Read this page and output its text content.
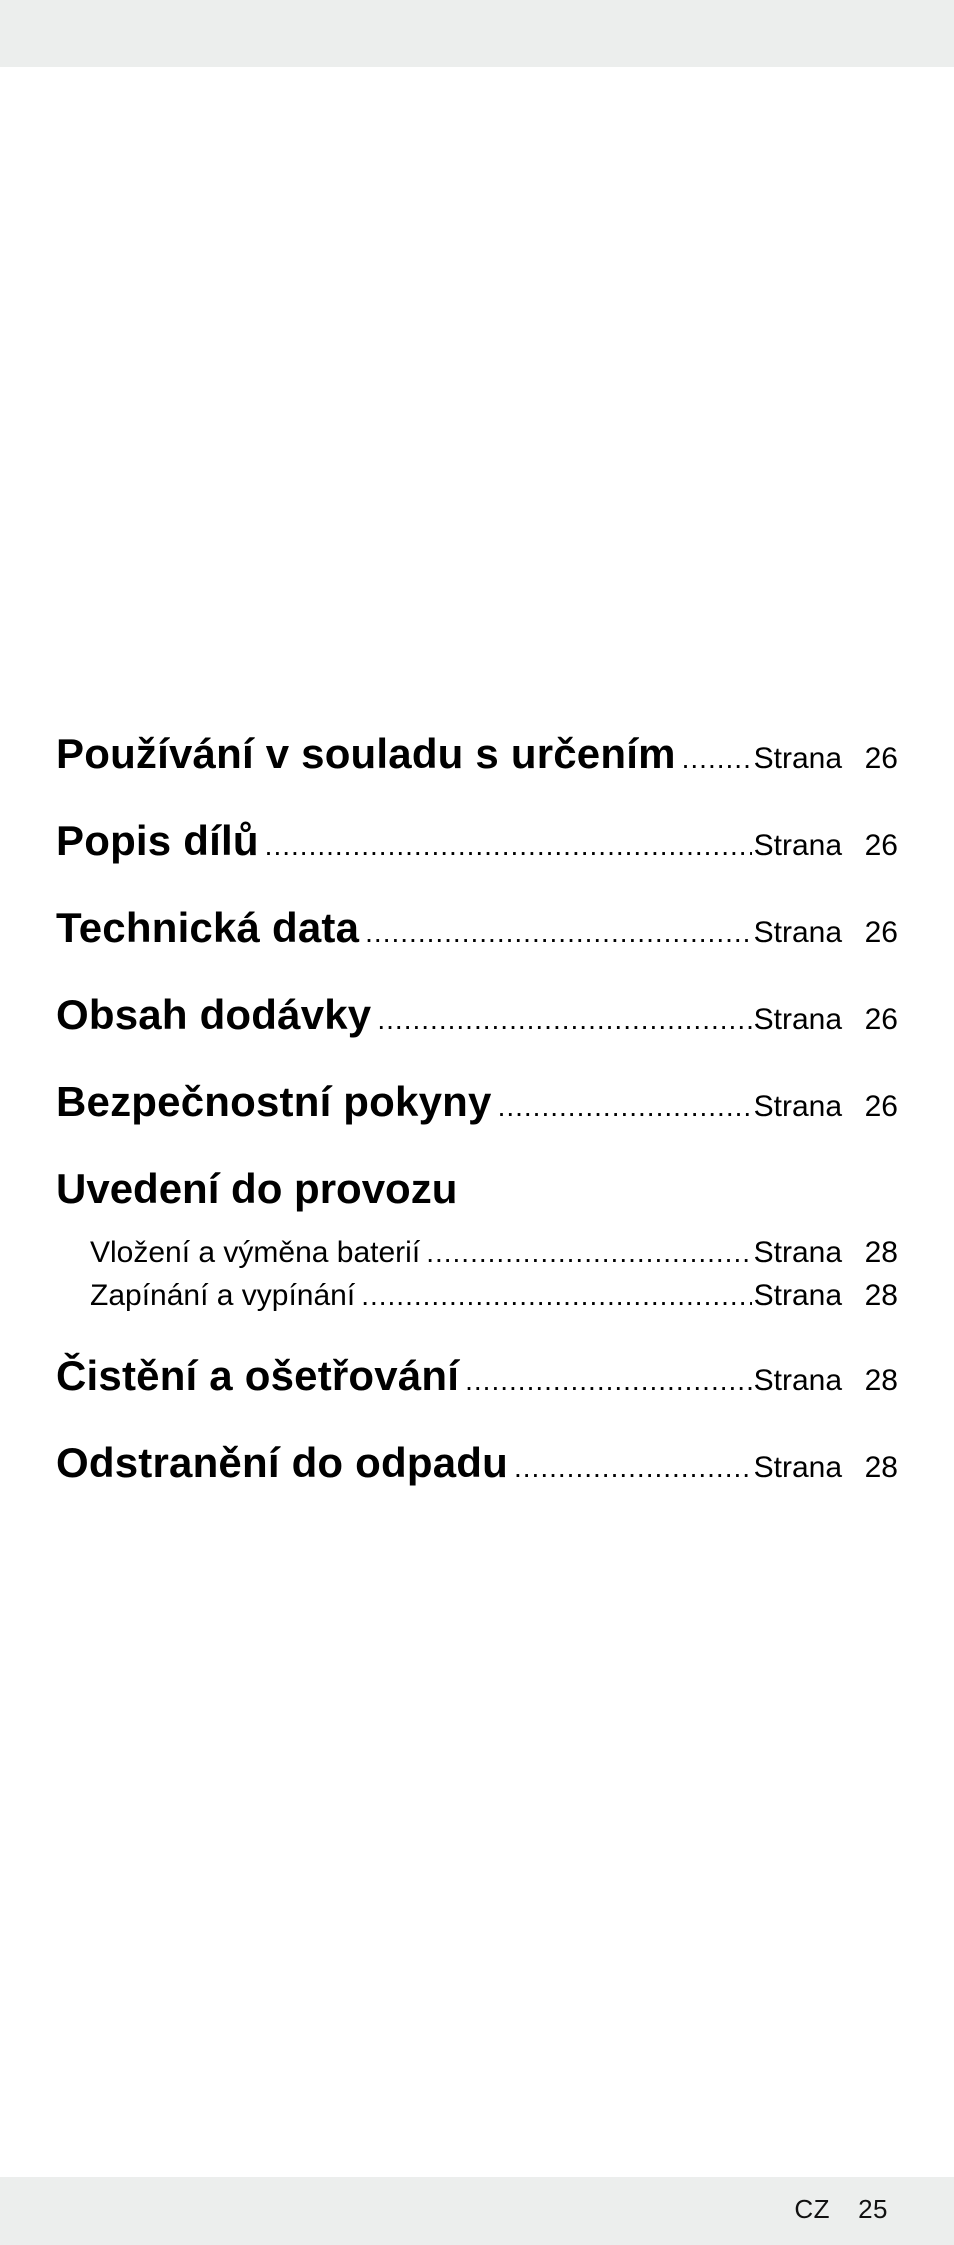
Používání v souladu s určením .....	Strana 26
Popis dílů .....	Strana 26
Technická data .....	Strana 26
Obsah dodávky .....	Strana 26
Bezpečnostní pokyny .....	Strana 26
Uvedení do provozu
Vložení a výměna baterií .....	Strana 28
Zapínání a vypínání .....	Strana 28
Čistění a ošetřování .....	Strana 28
Odstranění do odpadu .....	Strana 28
CZ 25
